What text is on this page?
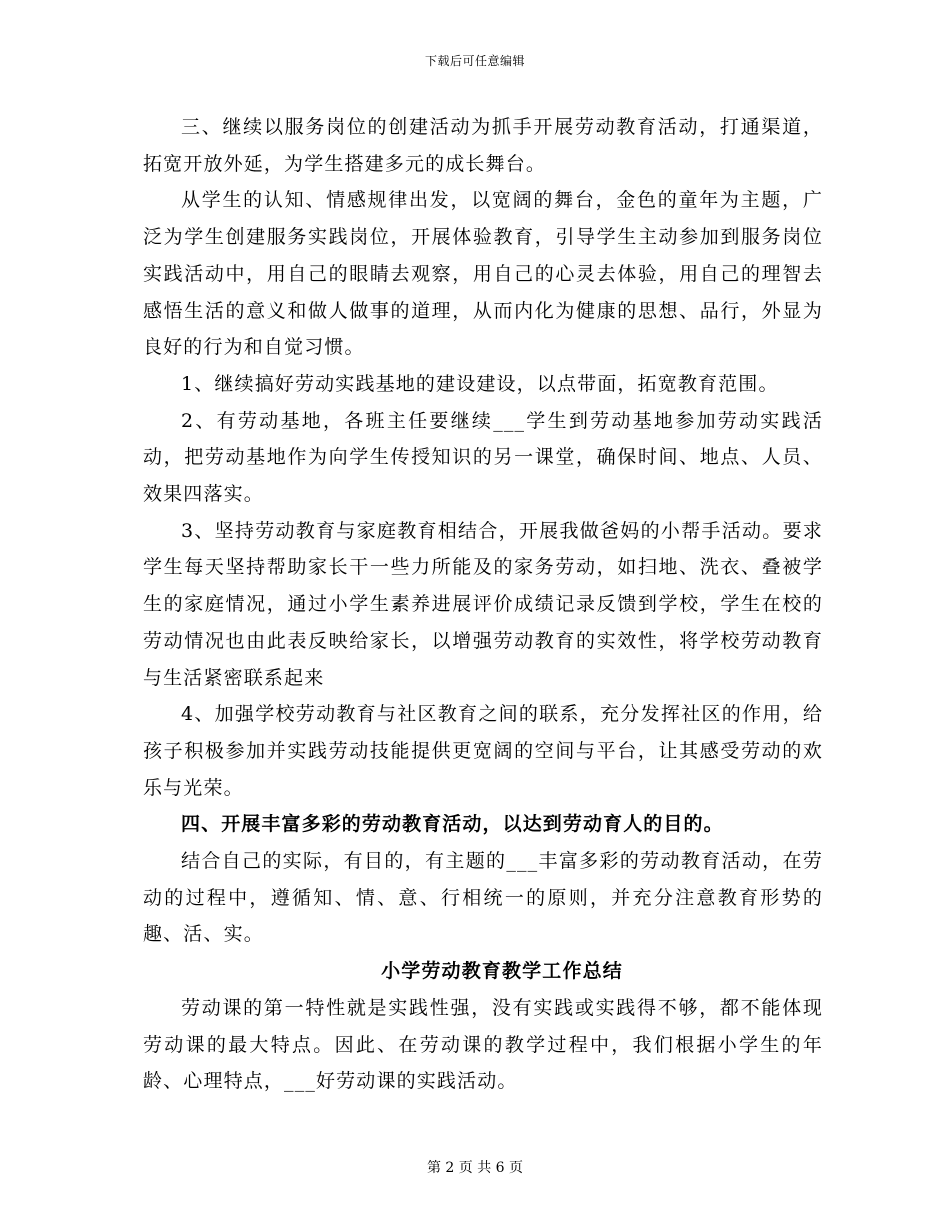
下载后可任意编辑

三、继续以服务岗位的创建活动为抓手开展劳动教育活动，打通渠道，拓宽开放外延，为学生搭建多元的成长舞台。

从学生的认知、情感规律出发，以宽阔的舞台，金色的童年为主题，广泛为学生创建服务实践岗位，开展体验教育，引导学生主动参加到服务岗位实践活动中，用自己的眼睛去观察，用自己的心灵去体验，用自己的理智去感悟生活的意义和做人做事的道理，从而内化为健康的思想、品行，外显为良好的行为和自觉习惯。

1、继续搞好劳动实践基地的建设建设，以点带面，拓宽教育范围。

2、有劳动基地，各班主任要继续___学生到劳动基地参加劳动实践活动，把劳动基地作为向学生传授知识的另一课堂，确保时间、地点、人员、效果四落实。

3、坚持劳动教育与家庭教育相结合，开展我做爸妈的小帮手活动。要求学生每天坚持帮助家长干一些力所能及的家务劳动，如扫地、洗衣、叠被学生的家庭情况，通过小学生素养进展评价成绩记录反馈到学校，学生在校的劳动情况也由此表反映给家长，以增强劳动教育的实效性，将学校劳动教育与生活紧密联系起来

4、加强学校劳动教育与社区教育之间的联系，充分发挥社区的作用，给孩子积极参加并实践劳动技能提供更宽阔的空间与平台，让其感受劳动的欢乐与光荣。

四、开展丰富多彩的劳动教育活动，以达到劳动育人的目的。

结合自己的实际，有目的，有主题的___丰富多彩的劳动教育活动，在劳动的过程中，遵循知、情、意、行相统一的原则，并充分注意教育形势的趣、活、实。

小学劳动教育教学工作总结

劳动课的第一特性就是实践性强，没有实践或实践得不够，都不能体现劳动课的最大特点。因此、在劳动课的教学过程中，我们根据小学生的年龄、心理特点，___好劳动课的实践活动。

第 2 页 共 6 页
